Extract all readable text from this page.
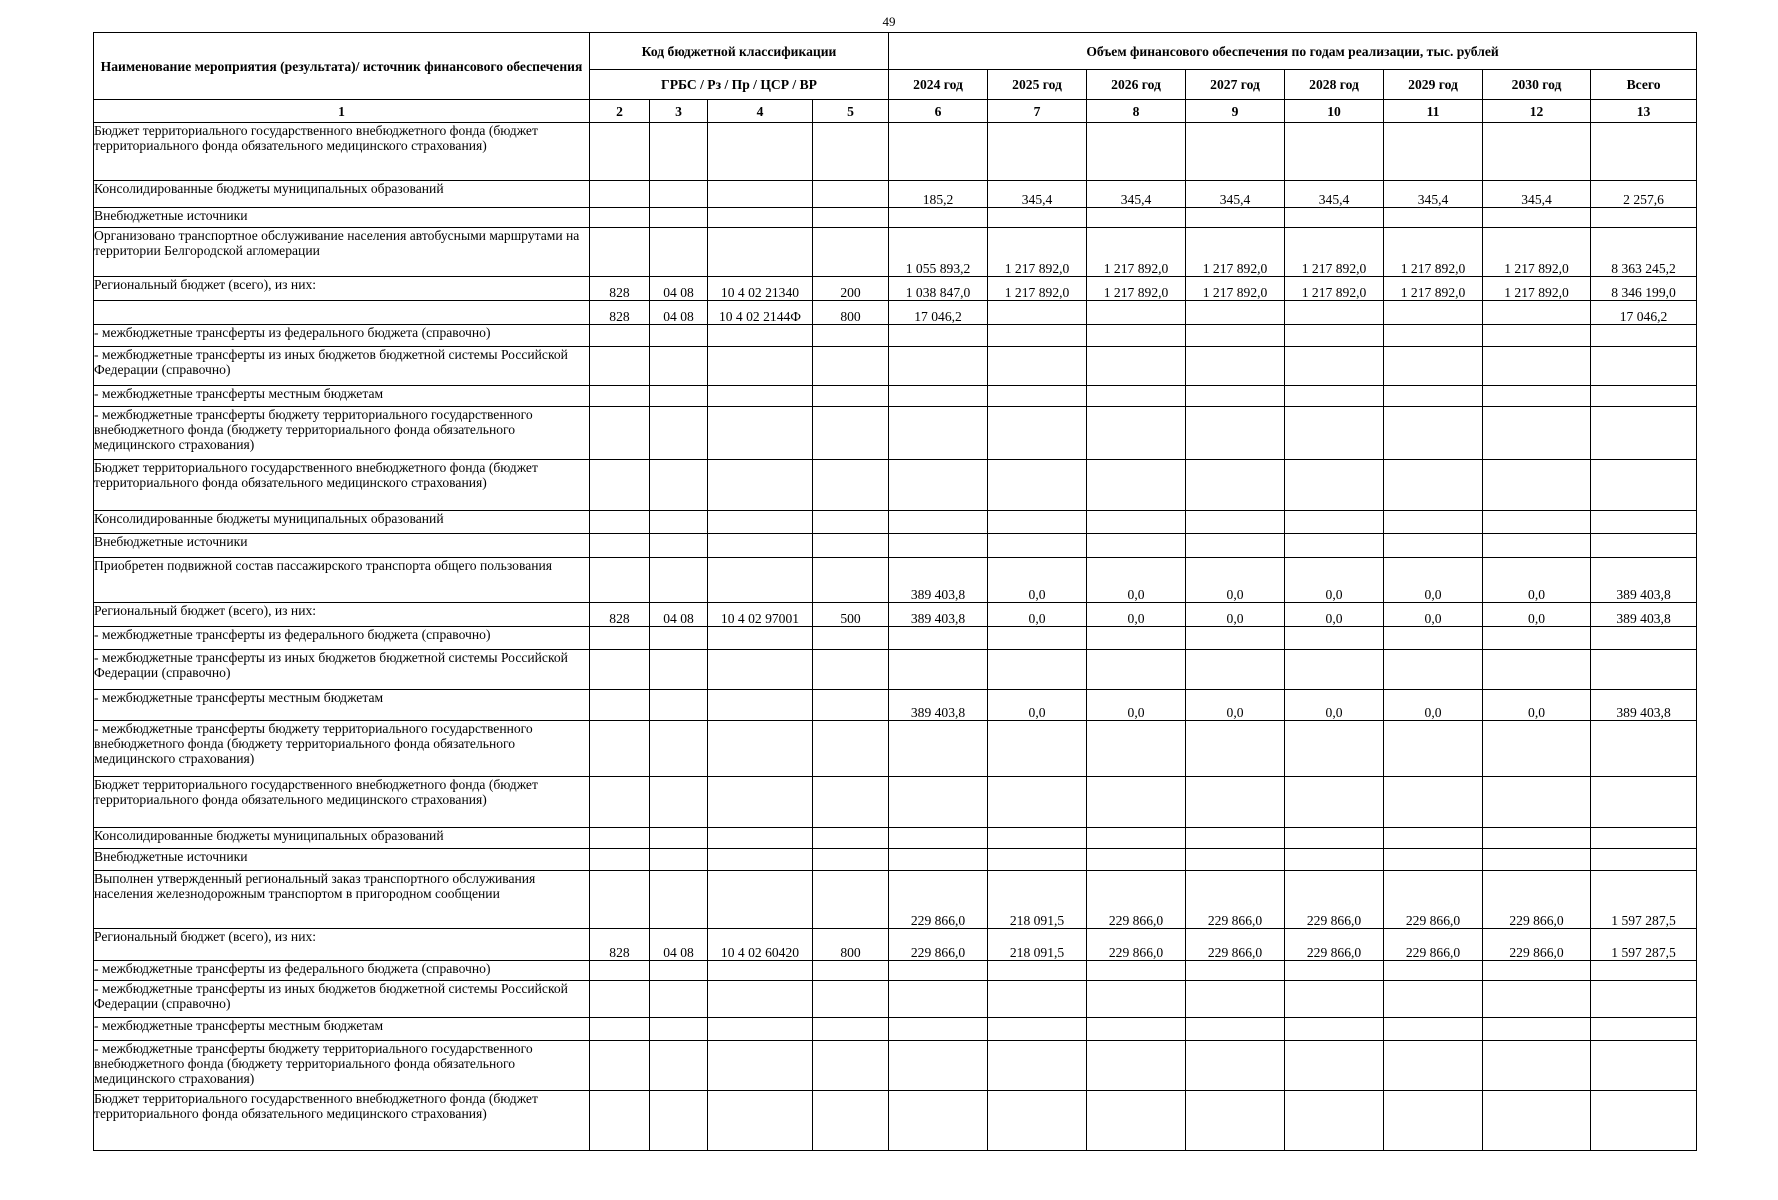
49
Наименование мероприятия (результата)/ источник финансового обеспечения	Код бюджетной классификации				Объем финансового обеспечения по годам реализации, тыс. рублей							
	ГРБС / Рз / Пр / ЦСР / ВР				2024 год	2025 год	2026 год	2027 год	2028 год	2029 год	2030 год	Всего
1	2	3	4	5	6	7	8	9	10	11	12	13
Бюджет территориального государственного внебюджетного фонда (бюджет территориального фонда обязательного медицинского страхования)												
Консолидированные бюджеты муниципальных образований					185,2	345,4	345,4	345,4	345,4	345,4	345,4	2 257,6
Внебюджетные источники												
Организовано транспортное обслуживание населения автобусными маршрутами на территории Белгородской агломерации					1 055 893,2	1 217 892,0	1 217 892,0	1 217 892,0	1 217 892,0	1 217 892,0	1 217 892,0	8 363 245,2
Региональный бюджет (всего), из них:	828	04 08	10 4 02 21340	200	1 038 847,0	1 217 892,0	1 217 892,0	1 217 892,0	1 217 892,0	1 217 892,0	1 217 892,0	8 346 199,0
	828	04 08	10 4 02 2144Ф	800	17 046,2							17 046,2
- межбюджетные трансферты из федерального бюджета (справочно)												
- межбюджетные трансферты из иных бюджетов бюджетной системы Российской Федерации (справочно)												
- межбюджетные трансферты местным бюджетам												
- межбюджетные трансферты бюджету территориального государственного внебюджетного фонда (бюджету территориального фонда обязательного медицинского страхования)												
Бюджет территориального государственного внебюджетного фонда (бюджет территориального фонда обязательного медицинского страхования)												
Консолидированные бюджеты муниципальных образований												
Внебюджетные источники												
Приобретен подвижной состав пассажирского транспорта общего пользования					389 403,8	0,0	0,0	0,0	0,0	0,0	0,0	389 403,8
Региональный бюджет (всего), из них:	828	04 08	10 4 02 97001	500	389 403,8	0,0	0,0	0,0	0,0	0,0	0,0	389 403,8
- межбюджетные трансферты из федерального бюджета (справочно)												
- межбюджетные трансферты из иных бюджетов бюджетной системы Российской Федерации (справочно)												
- межбюджетные трансферты местным бюджетам					389 403,8	0,0	0,0	0,0	0,0	0,0	0,0	389 403,8
- межбюджетные трансферты бюджету территориального государственного внебюджетного фонда (бюджету территориального фонда обязательного медицинского страхования)												
Бюджет территориального государственного внебюджетного фонда (бюджет территориального фонда обязательного медицинского страхования)												
Консолидированные бюджеты муниципальных образований												
Внебюджетные источники												
Выполнен утвержденный региональный заказ транспортного обслуживания населения железнодорожным транспортом в пригородном сообщении					229 866,0	218 091,5	229 866,0	229 866,0	229 866,0	229 866,0	229 866,0	1 597 287,5
Региональный бюджет (всего), из них:	828	04 08	10 4 02 60420	800	229 866,0	218 091,5	229 866,0	229 866,0	229 866,0	229 866,0	229 866,0	1 597 287,5
- межбюджетные трансферты из федерального бюджета (справочно)												
- межбюджетные трансферты из иных бюджетов бюджетной системы Российской Федерации (справочно)												
- межбюджетные трансферты местным бюджетам												
- межбюджетные трансферты бюджету территориального государственного внебюджетного фонда (бюджету территориального фонда обязательного медицинского страхования)												
Бюджет территориального государственного внебюджетного фонда (бюджет территориального фонда обязательного медицинского страхования)												
